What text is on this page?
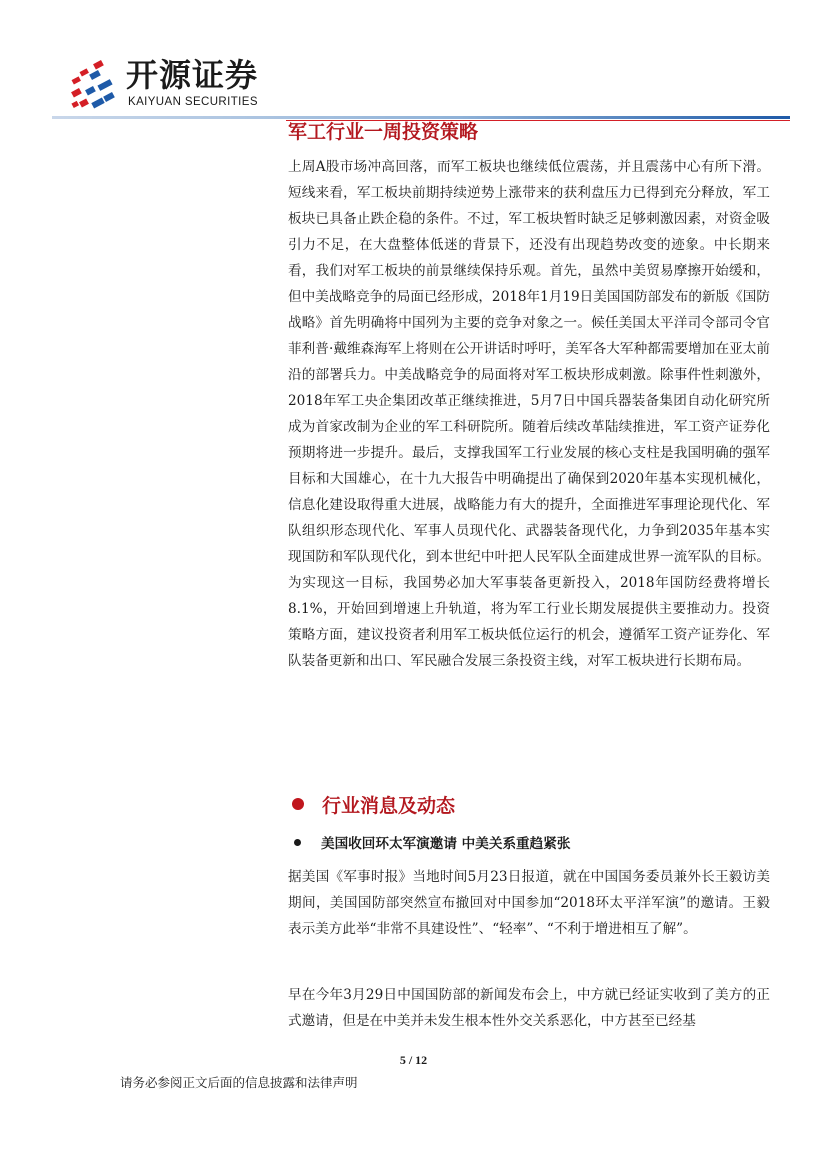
开源证券
KAIYUAN SECURITIES
军工行业一周投资策略

上周A股市场冲高回落，而军工板块也继续低位震荡，并且震荡中心有所下滑。短线来看，军工板块前期持续逆势上涨带来的获利盘压力已得到充分释放，军工板块已具备止跌企稳的条件。不过，军工板块暂时缺乏足够刺激因素，对资金吸引力不足，在大盘整体低迷的背景下，还没有出现趋势改变的迹象。中长期来看，我们对军工板块的前景继续保持乐观。首先，虽然中美贸易摩擦开始缓和，但中美战略竞争的局面已经形成，2018年1月19日美国国防部发布的新版《国防战略》首先明确将中国列为主要的竞争对象之一。候任美国太平洋司令部司令官菲利普·戴维森海军上将则在公开讲话时呼吁，美军各大军种都需要增加在亚太前沿的部署兵力。中美战略竞争的局面将对军工板块形成刺激。除事件性刺激外，2018年军工央企集团改革正继续推进，5月7日中国兵器装备集团自动化研究所成为首家改制为企业的军工科研院所。随着后续改革陆续推进，军工资产证券化预期将进一步提升。最后，支撑我国军工行业发展的核心支柱是我国明确的强军目标和大国雄心，在十九大报告中明确提出了确保到2020年基本实现机械化，信息化建设取得重大进展，战略能力有大的提升，全面推进军事理论现代化、军队组织形态现代化、军事人员现代化、武器装备现代化，力争到2035年基本实现国防和军队现代化，到本世纪中叶把人民军队全面建成世界一流军队的目标。为实现这一目标，我国势必加大军事装备更新投入，2018年国防经费将增长8.1%，开始回到增速上升轨道，将为军工行业长期发展提供主要推动力。投资策略方面，建议投资者利用军工板块低位运行的机会，遵循军工资产证券化、军队装备更新和出口、军民融合发展三条投资主线，对军工板块进行长期布局。

行业消息及动态
美国收回环太军演邀请 中美关系重趋紧张

据美国《军事时报》当地时间5月23日报道，就在中国国务委员兼外长王毅访美期间，美国国防部突然宣布撤回对中国参加“2018环太平洋军演”的邀请。王毅表示美方此举“非常不具建设性”、“轻率”、“不利于增进相互了解”。

早在今年3月29日中国国防部的新闻发布会上，中方就已经证实收到了美方的正式邀请，但是在中美并未发生根本性外交关系恶化，中方甚至已经基

5 / 12
请务必参阅正文后面的信息披露和法律声明
